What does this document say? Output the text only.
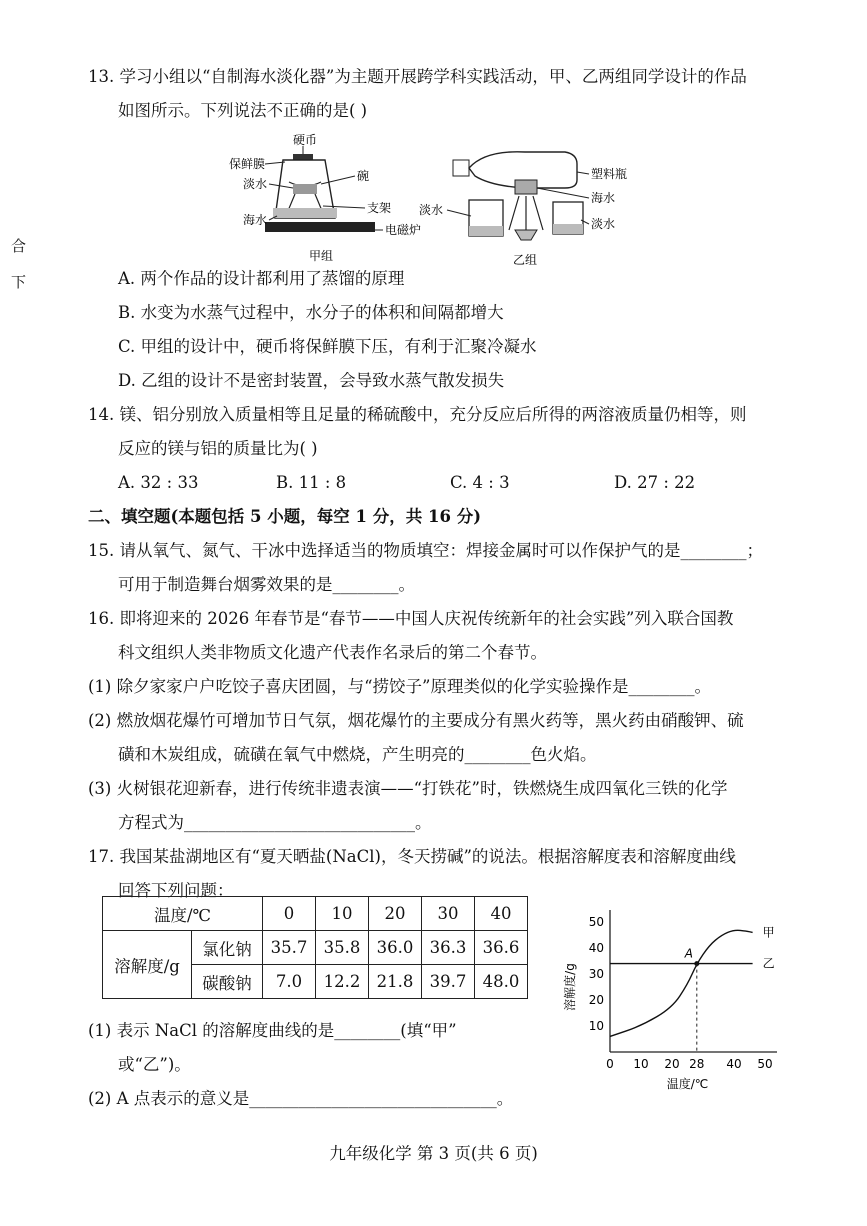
合 下
13. 学习小组以“自制海水淡化器”为主题开展跨学科实践活动，甲、乙两组同学设计的作品
如图所示。下列说法不正确的是( )
硬币
保鲜膜
淡水
碗
支架
海水
电磁炉
甲组
塑料瓶
海水
淡水
淡水
乙组
A. 两个作品的设计都利用了蒸馏的原理
B. 水变为水蒸气过程中，水分子的体积和间隔都增大
C. 甲组的设计中，硬币将保鲜膜下压，有利于汇聚冷凝水
D. 乙组的设计不是密封装置，会导致水蒸气散发损失
14. 镁、铝分别放入质量相等且足量的稀硫酸中，充分反应后所得的两溶液质量仍相等，则
反应的镁与铝的质量比为( )
A. 32 : 33	B. 11 : 8	C. 4 : 3	D. 27 : 22
二、填空题(本题包括 5 小题，每空 1 分，共 16 分)
15. 请从氧气、氮气、干冰中选择适当的物质填空：焊接金属时可以作保护气的是________；
可用于制造舞台烟雾效果的是________。
16. 即将迎来的 2026 年春节是“春节——中国人庆祝传统新年的社会实践”列入联合国教
科文组织人类非物质文化遗产代表作名录后的第二个春节。
(1) 除夕家家户户吃饺子喜庆团圆，与“捞饺子”原理类似的化学实验操作是________。
(2) 燃放烟花爆竹可增加节日气氛，烟花爆竹的主要成分有黑火药等，黑火药由硝酸钾、硫
磺和木炭组成，硫磺在氧气中燃烧，产生明亮的________色火焰。
(3) 火树银花迎新春，进行传统非遗表演——“打铁花”时，铁燃烧生成四氧化三铁的化学
方程式为____________________________。
17. 我国某盐湖地区有“夏天晒盐(NaCl)，冬天捞碱”的说法。根据溶解度表和溶解度曲线
回答下列问题：
温度/℃		0	10	20	30	40
溶解度/g	氯化钠	35.7	35.8	36.0	36.3	36.6
	碳酸钠	7.0	12.2	21.8	39.7	48.0
(1) 表示 NaCl 的溶解度曲线的是________(填“甲”
或“乙”)。
(2) A 点表示的意义是______________________________。
0 10 20 28 40 50
10
20
30
40
50
温度/℃
溶解度/g
甲
乙
A
九年级化学 第 3 页(共 6 页)
